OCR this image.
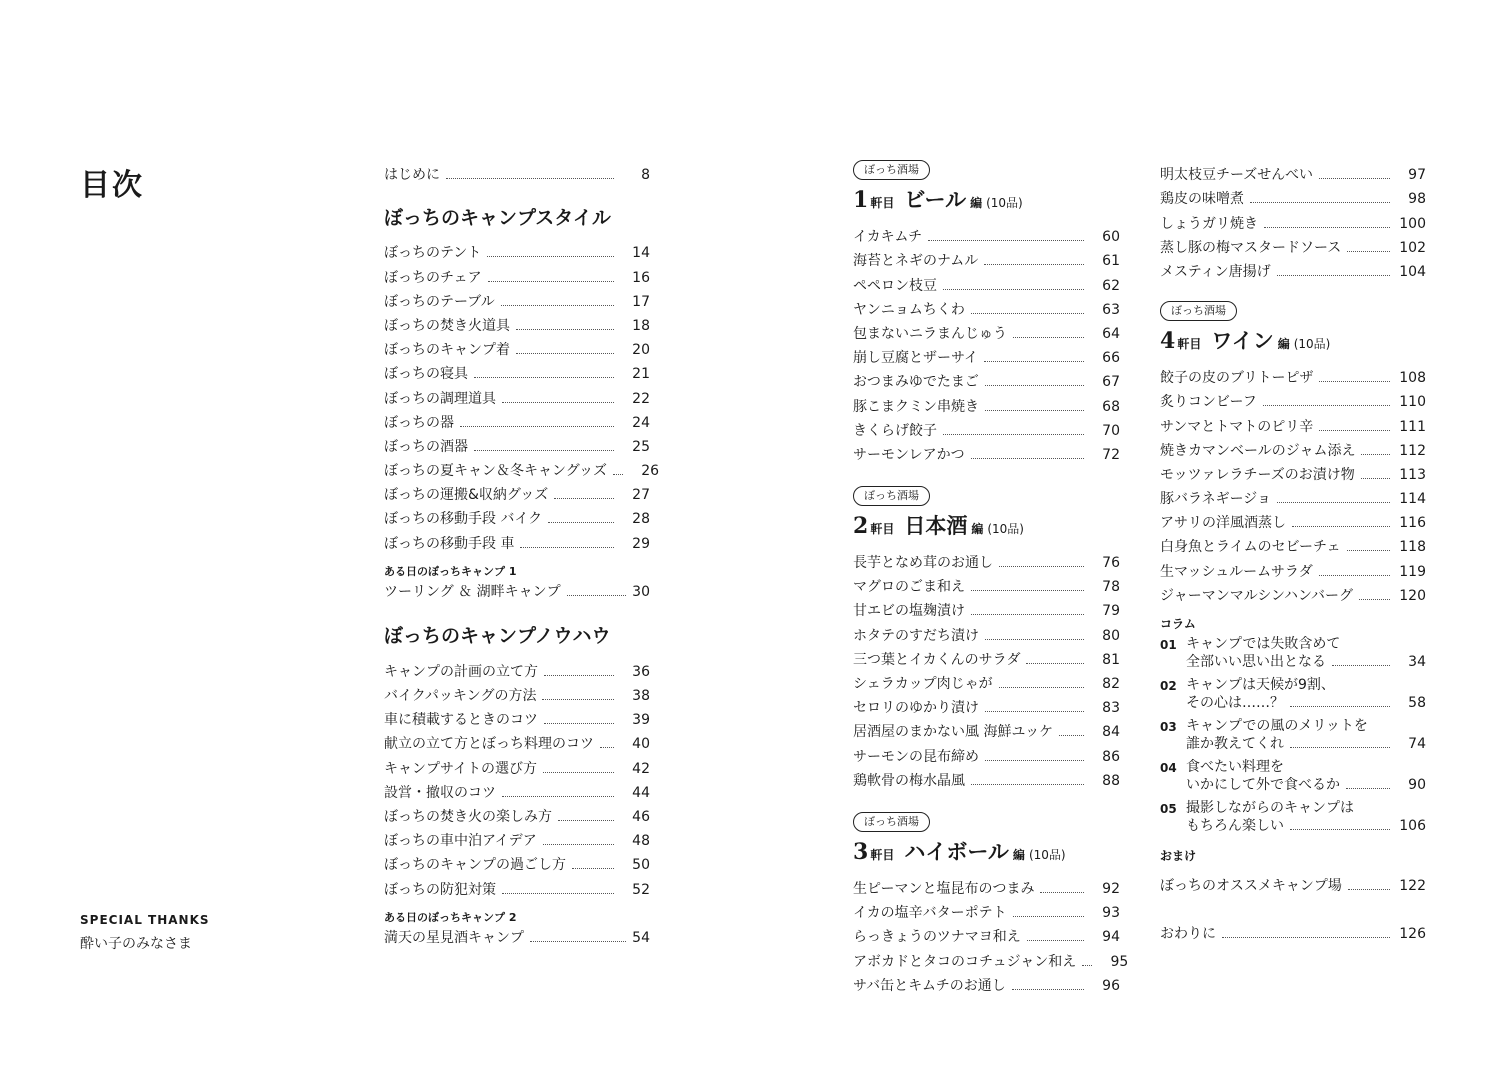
目次
SPECIAL THANKS
酔い子のみなさま
はじめに	8
ぼっちのキャンプスタイル
ぼっちのテント	14
ぼっちのチェア	16
ぼっちのテーブル	17
ぼっちの焚き火道具	18
ぼっちのキャンプ着	20
ぼっちの寝具	21
ぼっちの調理道具	22
ぼっちの器	24
ぼっちの酒器	25
ぼっちの夏キャン＆冬キャングッズ	26
ぼっちの運搬&収納グッズ	27
ぼっちの移動手段 バイク	28
ぼっちの移動手段 車	29
ある日のぼっちキャンプ 1
ツーリング ＆ 湖畔キャンプ	30
ぼっちのキャンプノウハウ
キャンプの計画の立て方	36
バイクパッキングの方法	38
車に積載するときのコツ	39
献立の立て方とぼっち料理のコツ	40
キャンプサイトの選び方	42
設営・撤収のコツ	44
ぼっちの焚き火の楽しみ方	46
ぼっちの車中泊アイデア	48
ぼっちのキャンプの過ごし方	50
ぼっちの防犯対策	52
ある日のぼっちキャンプ 2
満天の星見酒キャンプ	54
ぼっち酒場
1 軒目 ビール 編 (10品)
イカキムチ	60
海苔とネギのナムル	61
ペペロン枝豆	62
ヤンニョムちくわ	63
包まないニラまんじゅう	64
崩し豆腐とザーサイ	66
おつまみゆでたまご	67
豚こまクミン串焼き	68
きくらげ餃子	70
サーモンレアかつ	72
ぼっち酒場
2 軒目 日本酒 編 (10品)
長芋となめ茸のお通し	76
マグロのごま和え	78
甘エビの塩麹漬け	79
ホタテのすだち漬け	80
三つ葉とイカくんのサラダ	81
シェラカップ肉じゃが	82
セロリのゆかり漬け	83
居酒屋のまかない風 海鮮ユッケ	84
サーモンの昆布締め	86
鶏軟骨の梅水晶風	88
ぼっち酒場
3 軒目 ハイボール 編 (10品)
生ピーマンと塩昆布のつまみ	92
イカの塩辛バターポテト	93
らっきょうのツナマヨ和え	94
アボカドとタコのコチュジャン和え	95
サバ缶とキムチのお通し	96
明太枝豆チーズせんべい	97
鶏皮の味噌煮	98
しょうガリ焼き	100
蒸し豚の梅マスタードソース	102
メスティン唐揚げ	104
ぼっち酒場
4 軒目 ワイン 編 (10品)
餃子の皮のブリトーピザ	108
炙りコンビーフ	110
サンマとトマトのピリ辛	111
焼きカマンベールのジャム添え	112
モッツァレラチーズのお漬け物	113
豚バラネギージョ	114
アサリの洋風酒蒸し	116
白身魚とライムのセビーチェ	118
生マッシュルームサラダ	119
ジャーマンマルシンハンバーグ	120
コラム
01 キャンプでは失敗含めて
全部いい思い出となる	34
02 キャンプは天候が9割、
その心は……？	58
03 キャンプでの風のメリットを
誰か教えてくれ	74
04 食べたい料理を
いかにして外で食べるか	90
05 撮影しながらのキャンプは
もちろん楽しい	106
おまけ
ぼっちのオススメキャンプ場	122
おわりに	126
